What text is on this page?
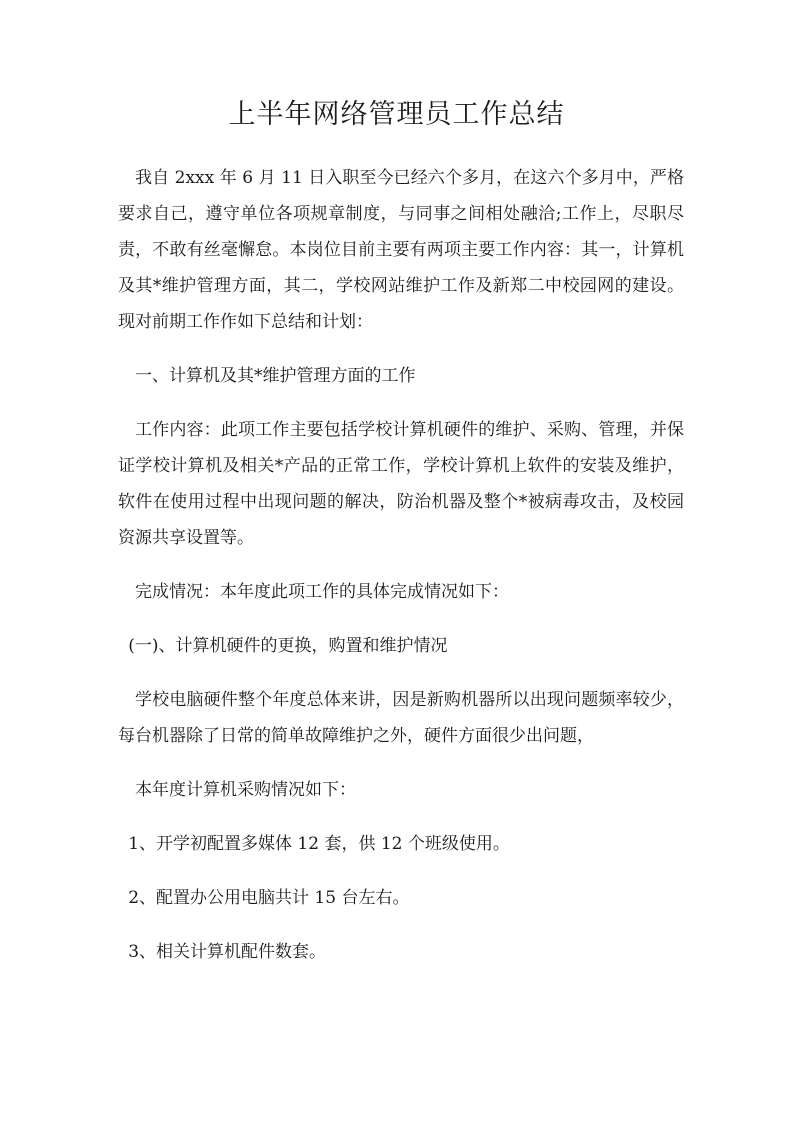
上半年网络管理员工作总结

我自 2xxx 年 6 月 11 日入职至今已经六个多月，在这六个多月中，严格要求自己，遵守单位各项规章制度，与同事之间相处融洽;工作上，尽职尽责，不敢有丝毫懈怠。本岗位目前主要有两项主要工作内容：其一，计算机及其*维护管理方面，其二，学校网站维护工作及新郑二中校园网的建设。现对前期工作作如下总结和计划：

一、计算机及其*维护管理方面的工作

工作内容：此项工作主要包括学校计算机硬件的维护、采购、管理，并保证学校计算机及相关*产品的正常工作，学校计算机上软件的安装及维护，软件在使用过程中出现问题的解决，防治机器及整个*被病毒攻击，及校园资源共享设置等。

完成情况：本年度此项工作的具体完成情况如下：

(一)、计算机硬件的更换，购置和维护情况

学校电脑硬件整个年度总体来讲，因是新购机器所以出现问题频率较少，每台机器除了日常的简单故障维护之外，硬件方面很少出问题，

本年度计算机采购情况如下：

1、开学初配置多媒体 12 套，供 12 个班级使用。

2、配置办公用电脑共计 15 台左右。

3、相关计算机配件数套。
